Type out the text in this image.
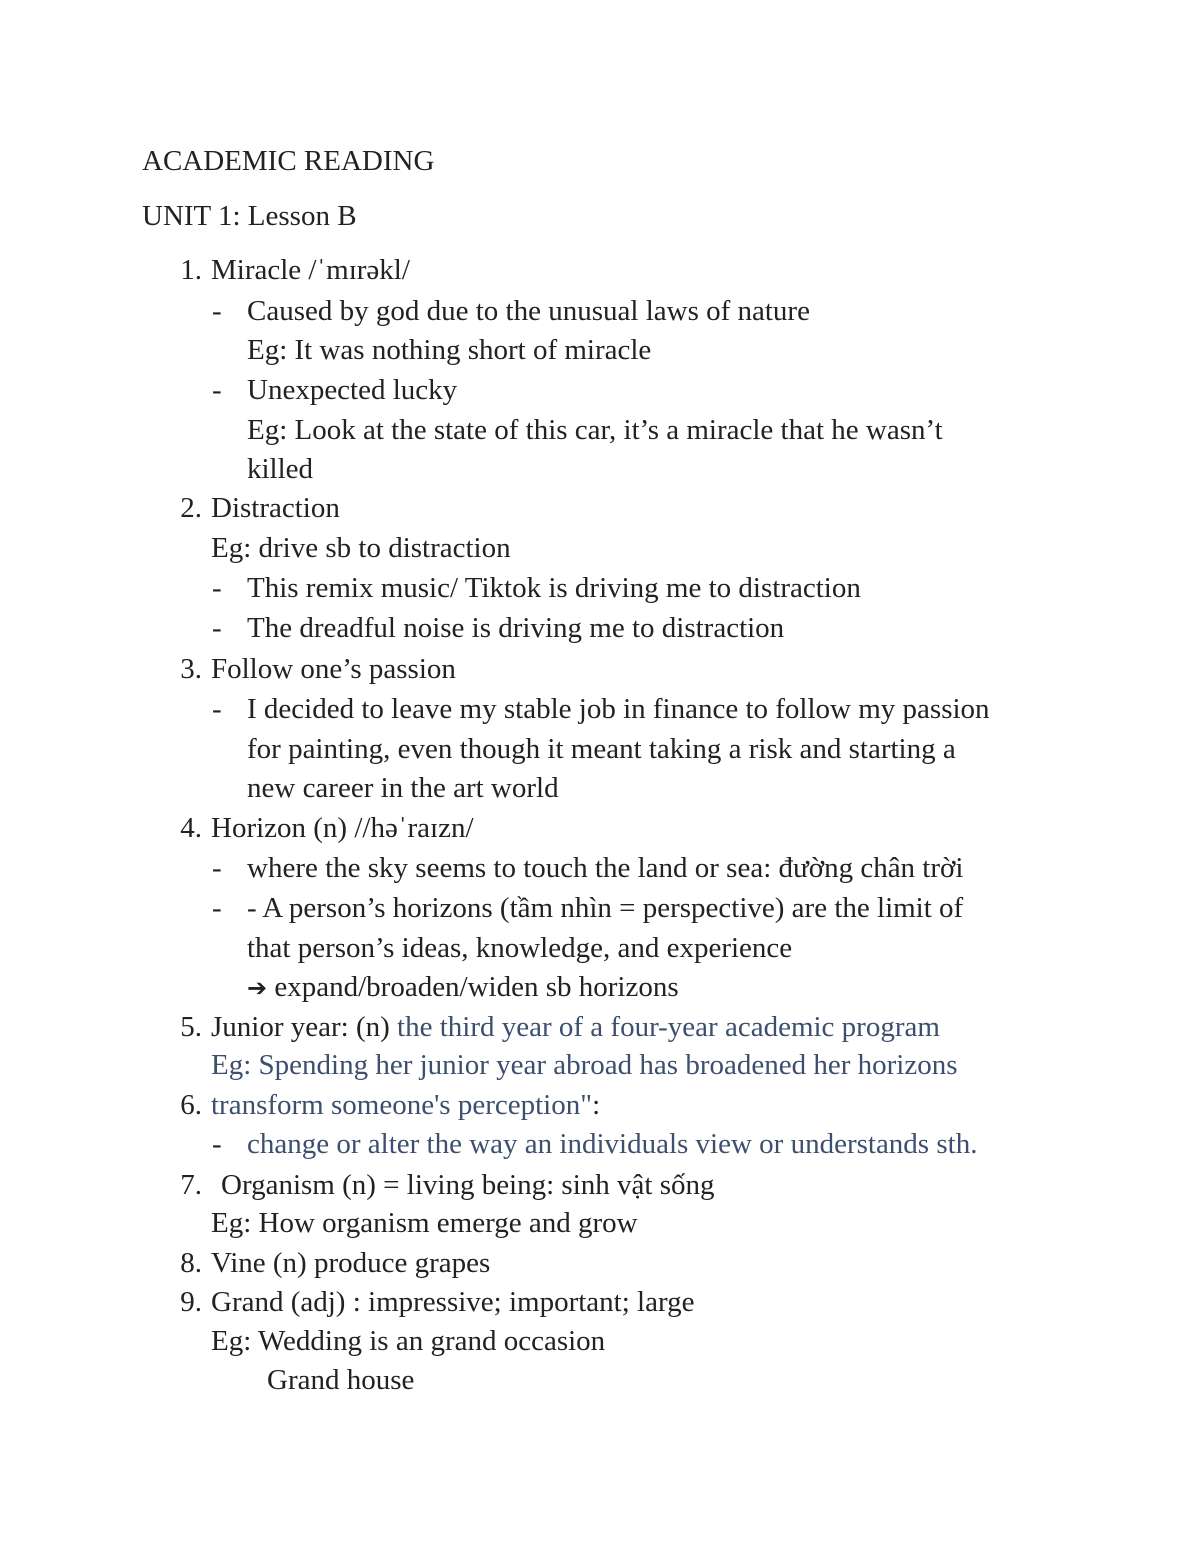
ACADEMIC READING
UNIT 1: Lesson B
1. Miracle /ˈmɪrəkl/
- Caused by god due to the unusual laws of nature
Eg: It was nothing short of miracle
- Unexpected lucky
Eg: Look at the state of this car, it’s a miracle that he wasn’t
killed
2. Distraction
Eg: drive sb to distraction
- This remix music/ Tiktok is driving me to distraction
- The dreadful noise is driving me to distraction
3. Follow one’s passion
- I decided to leave my stable job in finance to follow my passion
for painting, even though it meant taking a risk and starting a
new career in the art world
4. Horizon (n) //həˈraɪzn/
- where the sky seems to touch the land or sea: đường chân trời
- - A person’s horizons (tầm nhìn = perspective) are the limit of
that person’s ideas, knowledge, and experience
➔ expand/broaden/widen sb horizons
5. Junior year: (n) the third year of a four-year academic program
Eg: Spending her junior year abroad has broadened her horizons
6. transform someone's perception":
- change or alter the way an individuals view or understands sth.
7. Organism (n) = living being: sinh vật sống
Eg: How organism emerge and grow
8. Vine (n) produce grapes
9. Grand (adj) : impressive; important; large
Eg: Wedding is an grand occasion
Grand house
